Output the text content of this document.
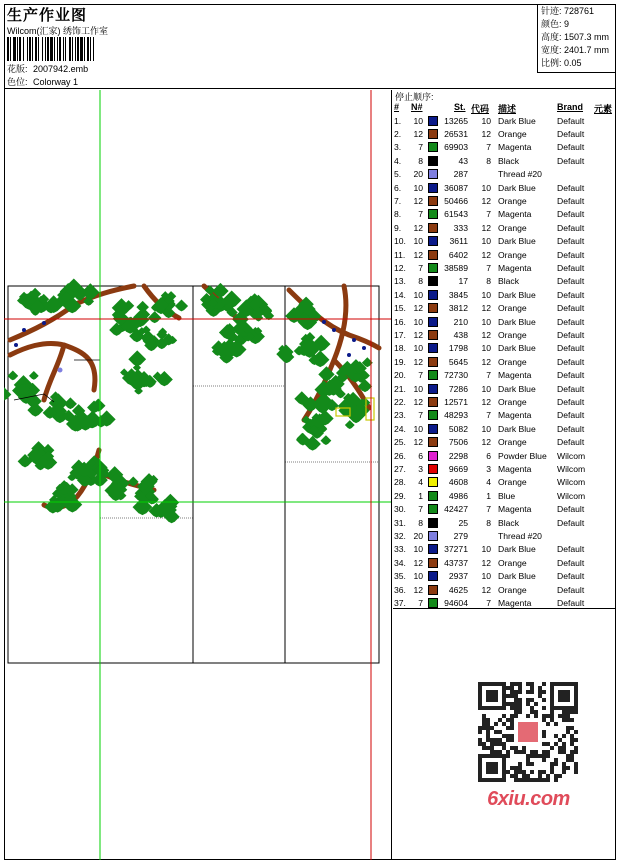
生产作业图
Wilcom(汇家) 绣饰工作室
花版: 2007942.emb
色位: Colorway 1
针迹: 728761
颜色: 9
高度: 1507.3 mm
宽度: 2401.7 mm
比例: 0.05
停止顺序:
# N#	St. 代码 描述	Brand 元素
1. 10	13265	10 Dark Blue Default
2. 12	26531	12 Orange	Default
3.	7	69903	7 Magenta	Default
4.	8	43	8 Black	Default
5. 20	287	Thread #20
6. 10	36087	10 Dark Blue Default
7. 12	50466	12 Orange	Default
8.	7	61543	7 Magenta	Default
9. 12	333	12 Orange	Default
10. 10	3611	10 Dark Blue Default
11. 12	6402	12 Orange	Default
12.	7	38589	7 Magenta	Default
13.	8	17	8 Black	Default
14. 10	3845	10 Dark Blue Default
15. 12	3812	12 Orange	Default
16. 10	210	10 Dark Blue Default
17. 12	438	12 Orange	Default
18. 10	1798	10 Dark Blue Default
19. 12	5645	12 Orange	Default
20.	7	72730	7 Magenta	Default
21. 10	7286	10 Dark Blue Default
22. 12	12571	12 Orange	Default
23.	7	48293	7 Magenta	Default
24. 10	5082	10 Dark Blue Default
25. 12	7506	12 Orange	Default
26.	6	2298	6 Powder Blue Wilcom
27.	3	9669	3 Magenta	Wilcom
28.	4	4608	4 Orange	Wilcom
29.	1	4986	1 Blue	Wilcom
30.	7	42427	7 Magenta	Default
31.	8	25	8 Black	Default
32. 20	279	Thread #20
33. 10	37271	10 Dark Blue Default
34. 12	43737	12 Orange	Default
35. 10	2937	10 Dark Blue Default
36. 12	4625	12 Orange	Default
37.	7	94604	7 Magenta	Default
6xiu.com
